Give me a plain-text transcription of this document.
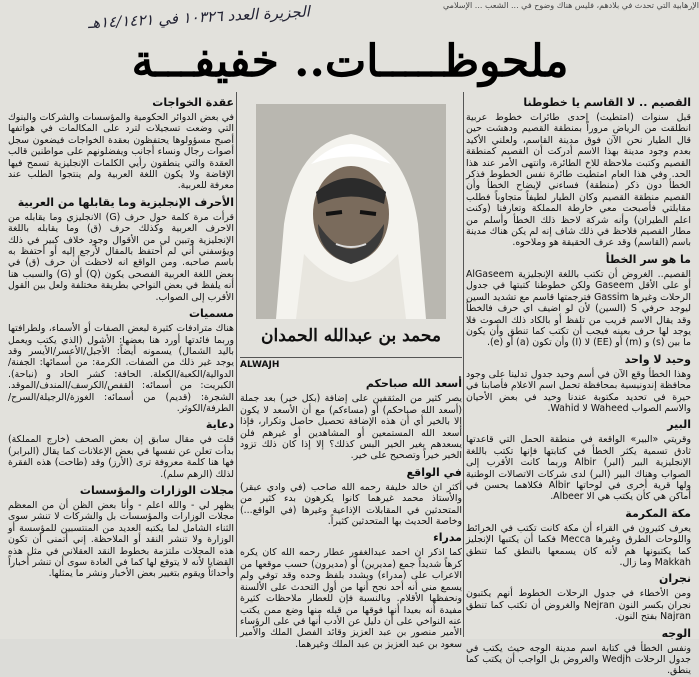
الإرهابية التي تحدث في بلادهم، فليس هناك وضوح في ... الشعب ... الإسلامي
الجزيرة العدد ١٠٣٢٦ في ١٤/١٤٢١هـ
ملحوظـــــات.. خفيفـــة
القصيم .. لا القاسم يا خطوطنا

قبل سنوات (امتطيت) إحدى طائرات خطوط عربية انطلقت من الرياض مروراً بمنطقة القصيم ودهشت حين قال الطيار نحن الآن فوق مدينة القاسم، ولعلني الأكيد بعدم وجود مدينة بهذا الاسم أدركت أن القصيم كمنطقة القصيم وكتبت ملاحظة للاخ الطائرة، وانتهى الأمر عند هذا الحد. وفي هذا العام امتطيت طائرة نفس الخطوط فذكر الخطأ دون ذكر (منطقة) فساءني لإيضاح الخطأ وأن القصيم منطقة القصيم وكان الطيار لطيفاً متجاوباً فطلب مقابلتي فأصبحت معي خارطة المملكة وتعارفنا (وكنت اعلم الطيران) وأنه شركة لاحظ ذلك الخطأ وأسلم من مطار القصيم فلاحظ في ذلك شاف إنه لم يكن هناك مدينة باسم (القاسم) وقد عرف الحقيقة هو وملاحوه.

ما هو سر الخطأ

القصيم.. الغروض أن تكتب باللغة الإنجليزية AlGaseem أو على الأقل Gaseem ولكن خطوطنا كتبتها في جدول الرحلات وغيرها Gassim فترجمتها قاسم مع تشديد السين ليوجد حرفي S (السين) لأن لو اضيف اي حرف فالخطأ وقد يقال الاسم قريب من تلفظ أو بالكاد ذلك الصوت فلا يوجد لها حرف بعينه فيجب أن تكتب كما تنطق وأن يكون ما بين (s) و (m) أو (EE) لا (I) وأن تكون (a) أو (e).

وحيد لا واحد

وهذا الخطأ وقع الآن في أسم وحيد جدول تدلينا على وجود محافظة إندونيسية بمحافظة تحمل اسم الاعلام فأصابنا في حيرة في تحديد مكتوبة عندنا وحيد في بعض الأحيان والاسم الصواب Waheed لا Wahid.

البير

وقريتي «البير» الواقعة في منطقة الحمل التي قاعدتها ثادق تسمية يكثر الخطأ في كتابتها فإنها تكتب باللغة الإنجليزية البير (البر) Albir وربما كانت الأقرب إلى الصواب وهناك البير (البر) لدى شركات الاتصالات الوطنية ولها قرية أخرى في لوحاتها Albir فكلاهما يحسن في أماكن هي كأن يكتب هي الا Albeer.

مكة المكرمة

يعرف كثيرون في القراء أن مكة كانت تكتب في الخرائط واللوحات الطرق وغيرها Mecca فكما أن يكتبها الإنجليز كما يكتبونها هم لأنه كان يسمعها بالنطق كما تنطق Makkah وما زال.

نجران

ومن الأخطاء في جدول الرحلات الخطوط أنهم يكتبون نجران بكسر النون Nejran والغروض أن تكتب كما تنطق Najran بفتح النون.

الوجه

ونفس الخطأ في كتابة اسم مدينة الوجه حيث يكتب في جدول الرحلات Wedjh والغروض بل الواجب أن يكتب كما ينطق.

محمد بن عبدالله الحمدان
ALWAJH
أسعد الله صباحكم

يصر كثير من المثقفين على إضافة (بكل خير) بعد جملة (أسعد الله صباحكم) أو (مساءكم) مع أن الأسعد لا يكون إلا بالخير أي أن هذه الإضافة تحصيل حاصل وتكرار، فإذا أسعد الله المستمعين أو المشاهدين أو غيرهم فلن يسعدهم بغير الخير البس كذلك؟ إلا إذا كان ذلك تزود الخير خيراً وتصحيح على خير.

في الواقع

أكثر ان خالد خليفة رحمه الله صاحب (في وادي عبقر) والأستاذ محمد غيرهما كانوا يكرهون بدء كثير من المتحدثين في المقابلات الإذاعية وغيرها (في الواقع...) وخاصة الحديث بها المتحدثين كثيراً.

مدراء

كما اذكر ان احمد عبدالغفور عطار رحمه الله كان يكره كرهاً شديداً جمع (مديرين) أو (مديرون) حسب موقعها من الاعراب على (مدراء) ويشدد بلفظ وحده وقد توفي ولم يسمع مني أنه أحد نجح أنها من أول التحدث على الألسنة ونحفظها الأقلام. وبالنسبة فإن للعطار ملاحظات كثيرة مفيدة أنه بعيدا أنها فوقها من قبله منها وضع ممن يكتب عنه النواخي على أن دليل عن الأدب أنها في على الرؤساء الأمير منصور بن عبد العزيز وقائد الفصل الملك والأمير سعود بن عبد العزيز بن عبد الملك وغيرهما.

عقدة الخواجات

في بعض الدوائر الحكومية والمؤسسات والشركات والبنوك التي وضعت تسجيلات لترد على المكالمات في هواتفها أصبح مسؤولوها يحتفظون بعقدة الخواجات فيضعون سجل أصوات رجال ونساء أجانب ويفضلونهم على مواطنين قالب العقدة والتي ينطقون رأيي الكلمات الإنجليزية تسمح فيها الإفاضة ولا يكون اللغة العربية ولم ينتجوا الطلب عند معرفة للعربية.

الأحرف الإنجليزية وما يقابلها من العربية

قرأت مرة كلمة حول حرف (G) الانجليزي وما يقابله من الاحرف العربية وكذلك حرف (ق) وما يقابله باللغة الإنجليزية وتبين لي من الأقوال وجود خلاف كبير في ذلك ويؤسفني أني لم أحتفظ بالمقال لأرجع إليه أو أحتفظ به باسم صاحبه. ومن الواقع انه لاحظت أن حرف (ق) في بعض اللغة العربية الفصحى يكون (Q) أو (G) والسبب هنا أنه يلفظ في بعض النواحي بطريقة مختلفة ولعل بين القول الأقرب إلى الصواب.

مسميات

هناك مترادفات كثيرة لبعض الصفات أو الأسماء، ولطرافتها وربما فائدتها أورد هنا بعضها: الأشول (الذي يكتب ويعمل باليد الشمال) يسمونه أيضاً: الأجبل/الأعسر/الأيسر وقد يوجد غير ذلك من الصفات. الكرمة: من أسمائها: الجفنة/الدوالية/الكعبة/الكعلة. الحافة: كشر الحاد و (نباحة). الكبريت: من أسمائه: القفص/الكرسف/المندف/الموقد. الشجرة: (قديم) من أسمائه: الغوزة/الرجيلة/السرح/الطرفة/الكوثر.

دعاية

قلت في مقال سابق إن بعض الصحف (خارج المملكة) بدأت تعلن عن نفسها في بعض الإعلانات كما يقال (البرابر) فها هنا كلمة معروفة ترى (الأرز) وقد (طاحت) هذه الفقرة لذلك (الرهم سلم).

مجلات الوزارات والمؤسسات

يظهر لي - والله اعلم - وأنا بعض الظن أن من المعظم مجلات الوزارات والمؤسسات بل والشركات لا تنشر سوى الثناء الشامل لما يكتبه العديد من المنتسبين للمؤسسة أو الوزارة ولا تنشر النقد أو الملاحظة. إني أتمنى أن تكون هذه المجلات ملتزمة بخطوط النقد العقلاني في مثل هذه القضايا لأنه لا يتوقع لها كما في العادة سوى أن تنشر أخباراً وأحداثاً ويقوم بتغيير بعض الأخبار ونشر ما يمثلها.
